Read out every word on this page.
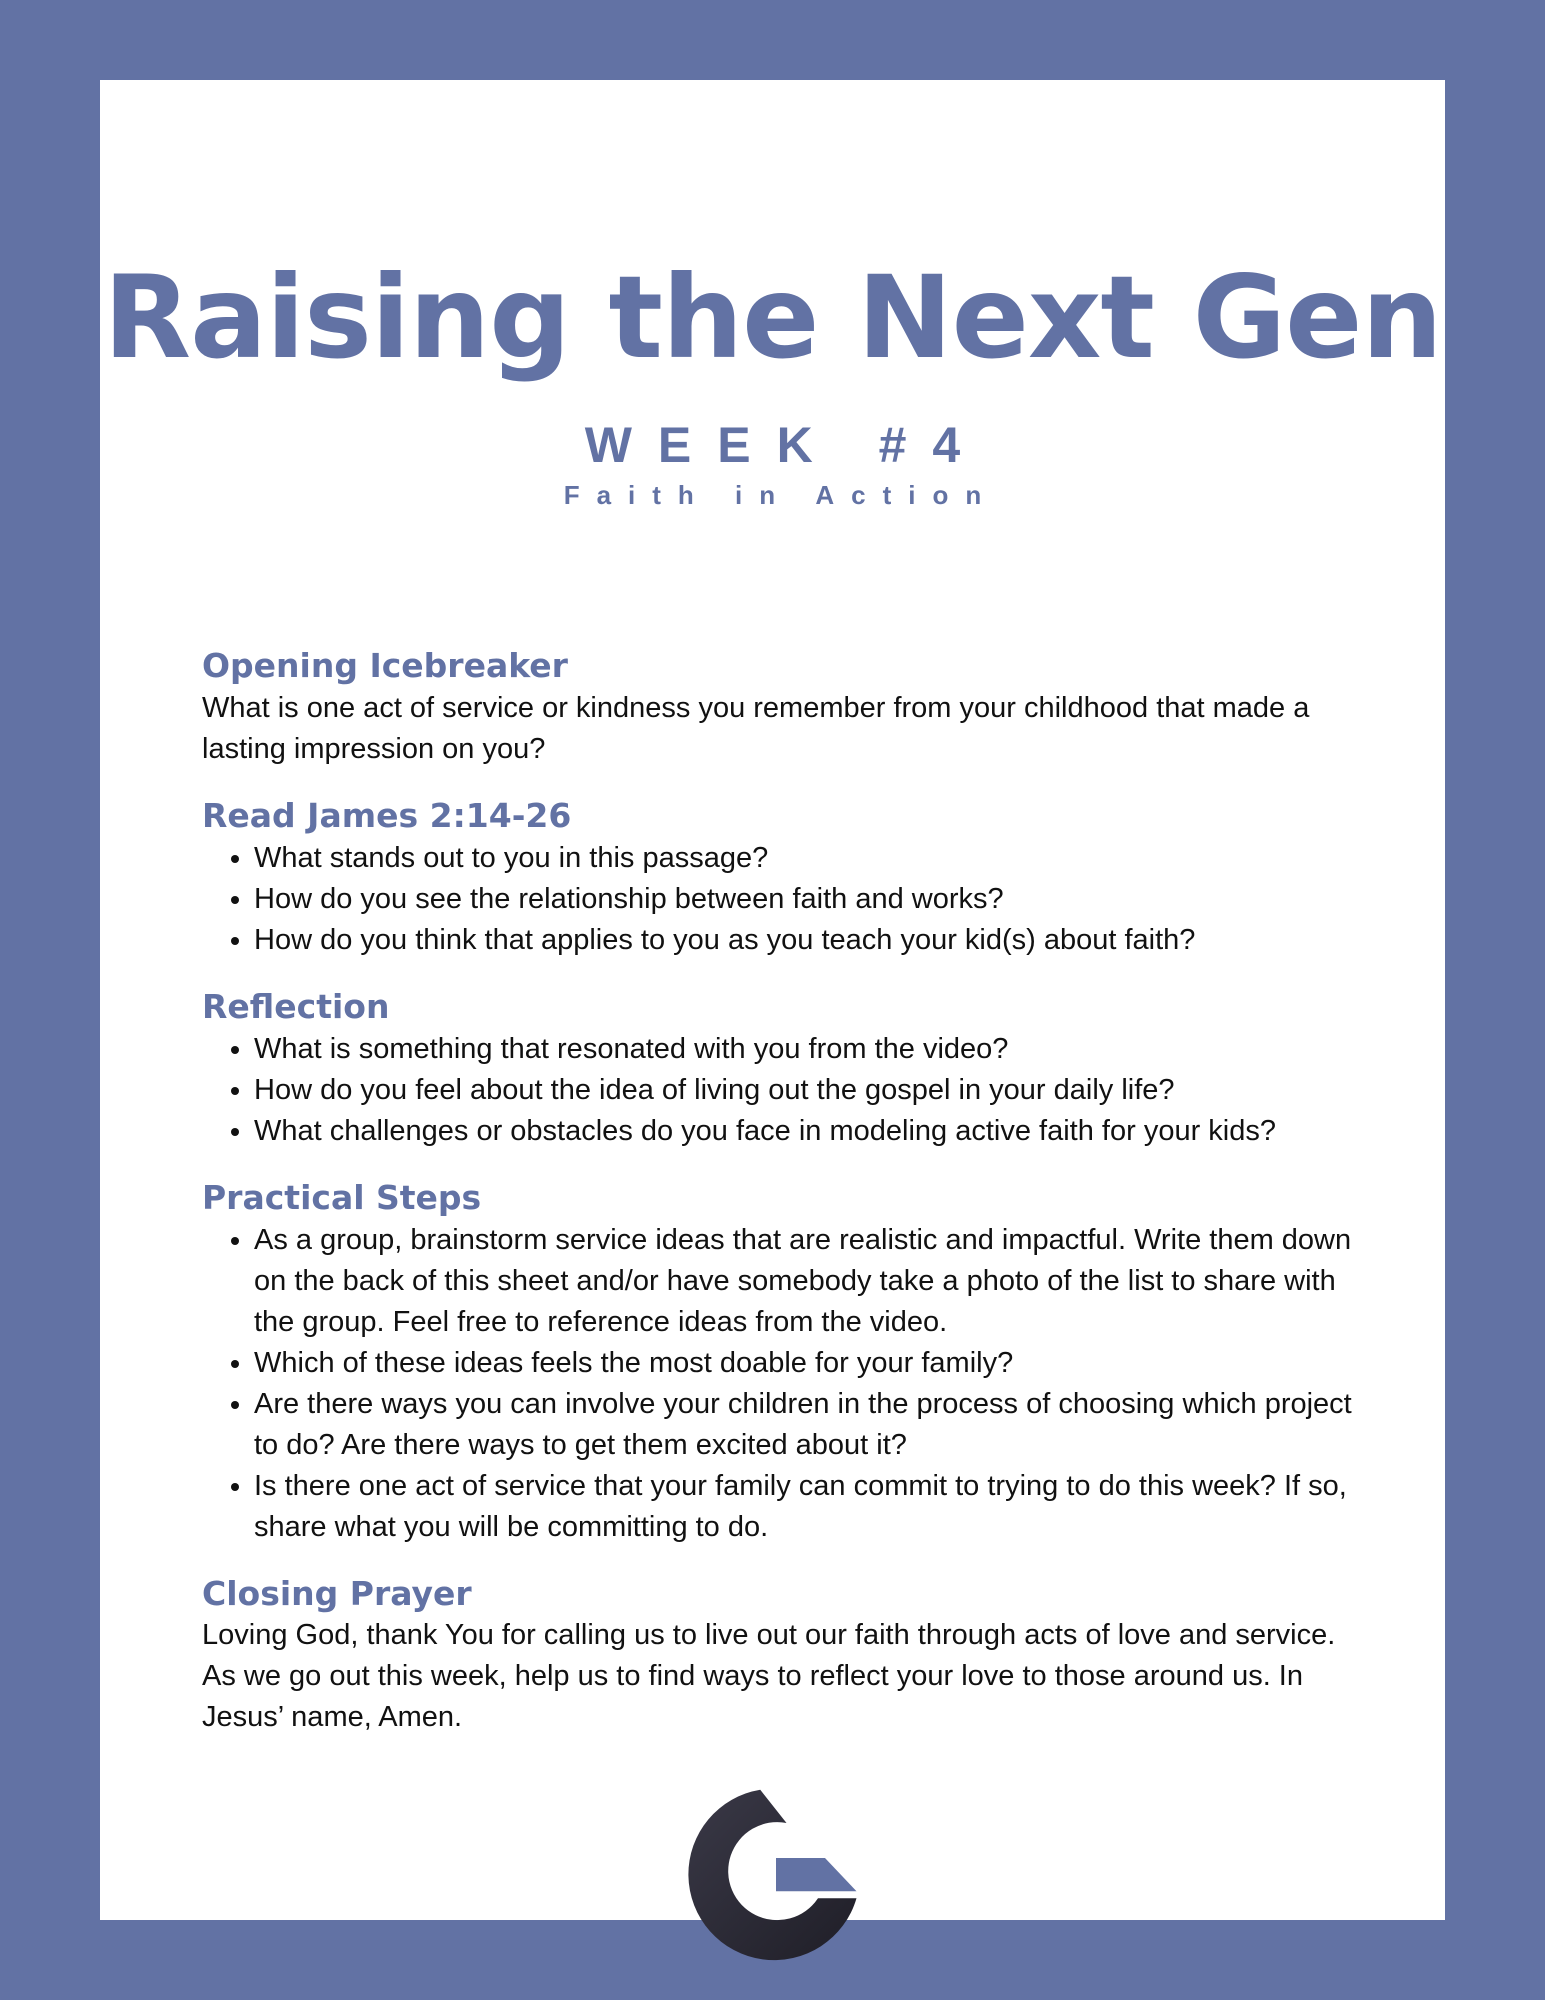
Raising the Next Gen
WEEK #4
Faith in Action
Opening Icebreaker

What is one act of service or kindness you remember from your childhood that made a lasting impression on you?

Read James 2:14-26
• What stands out to you in this passage?
• How do you see the relationship between faith and works?
• How do you think that applies to you as you teach your kid(s) about faith?
Reflection
• What is something that resonated with you from the video?
• How do you feel about the idea of living out the gospel in your daily life?
• What challenges or obstacles do you face in modeling active faith for your kids?
Practical Steps
• As a group, brainstorm service ideas that are realistic and impactful. Write them down on the back of this sheet and/or have somebody take a photo of the list to share with the group. Feel free to reference ideas from the video.
• Which of these ideas feels the most doable for your family?
• Are there ways you can involve your children in the process of choosing which project to do? Are there ways to get them excited about it?
• Is there one act of service that your family can commit to trying to do this week? If so, share what you will be committing to do.
Closing Prayer

Loving God, thank You for calling us to live out our faith through acts of love and service. As we go out this week, help us to find ways to reflect your love to those around us. In Jesus’ name, Amen.
